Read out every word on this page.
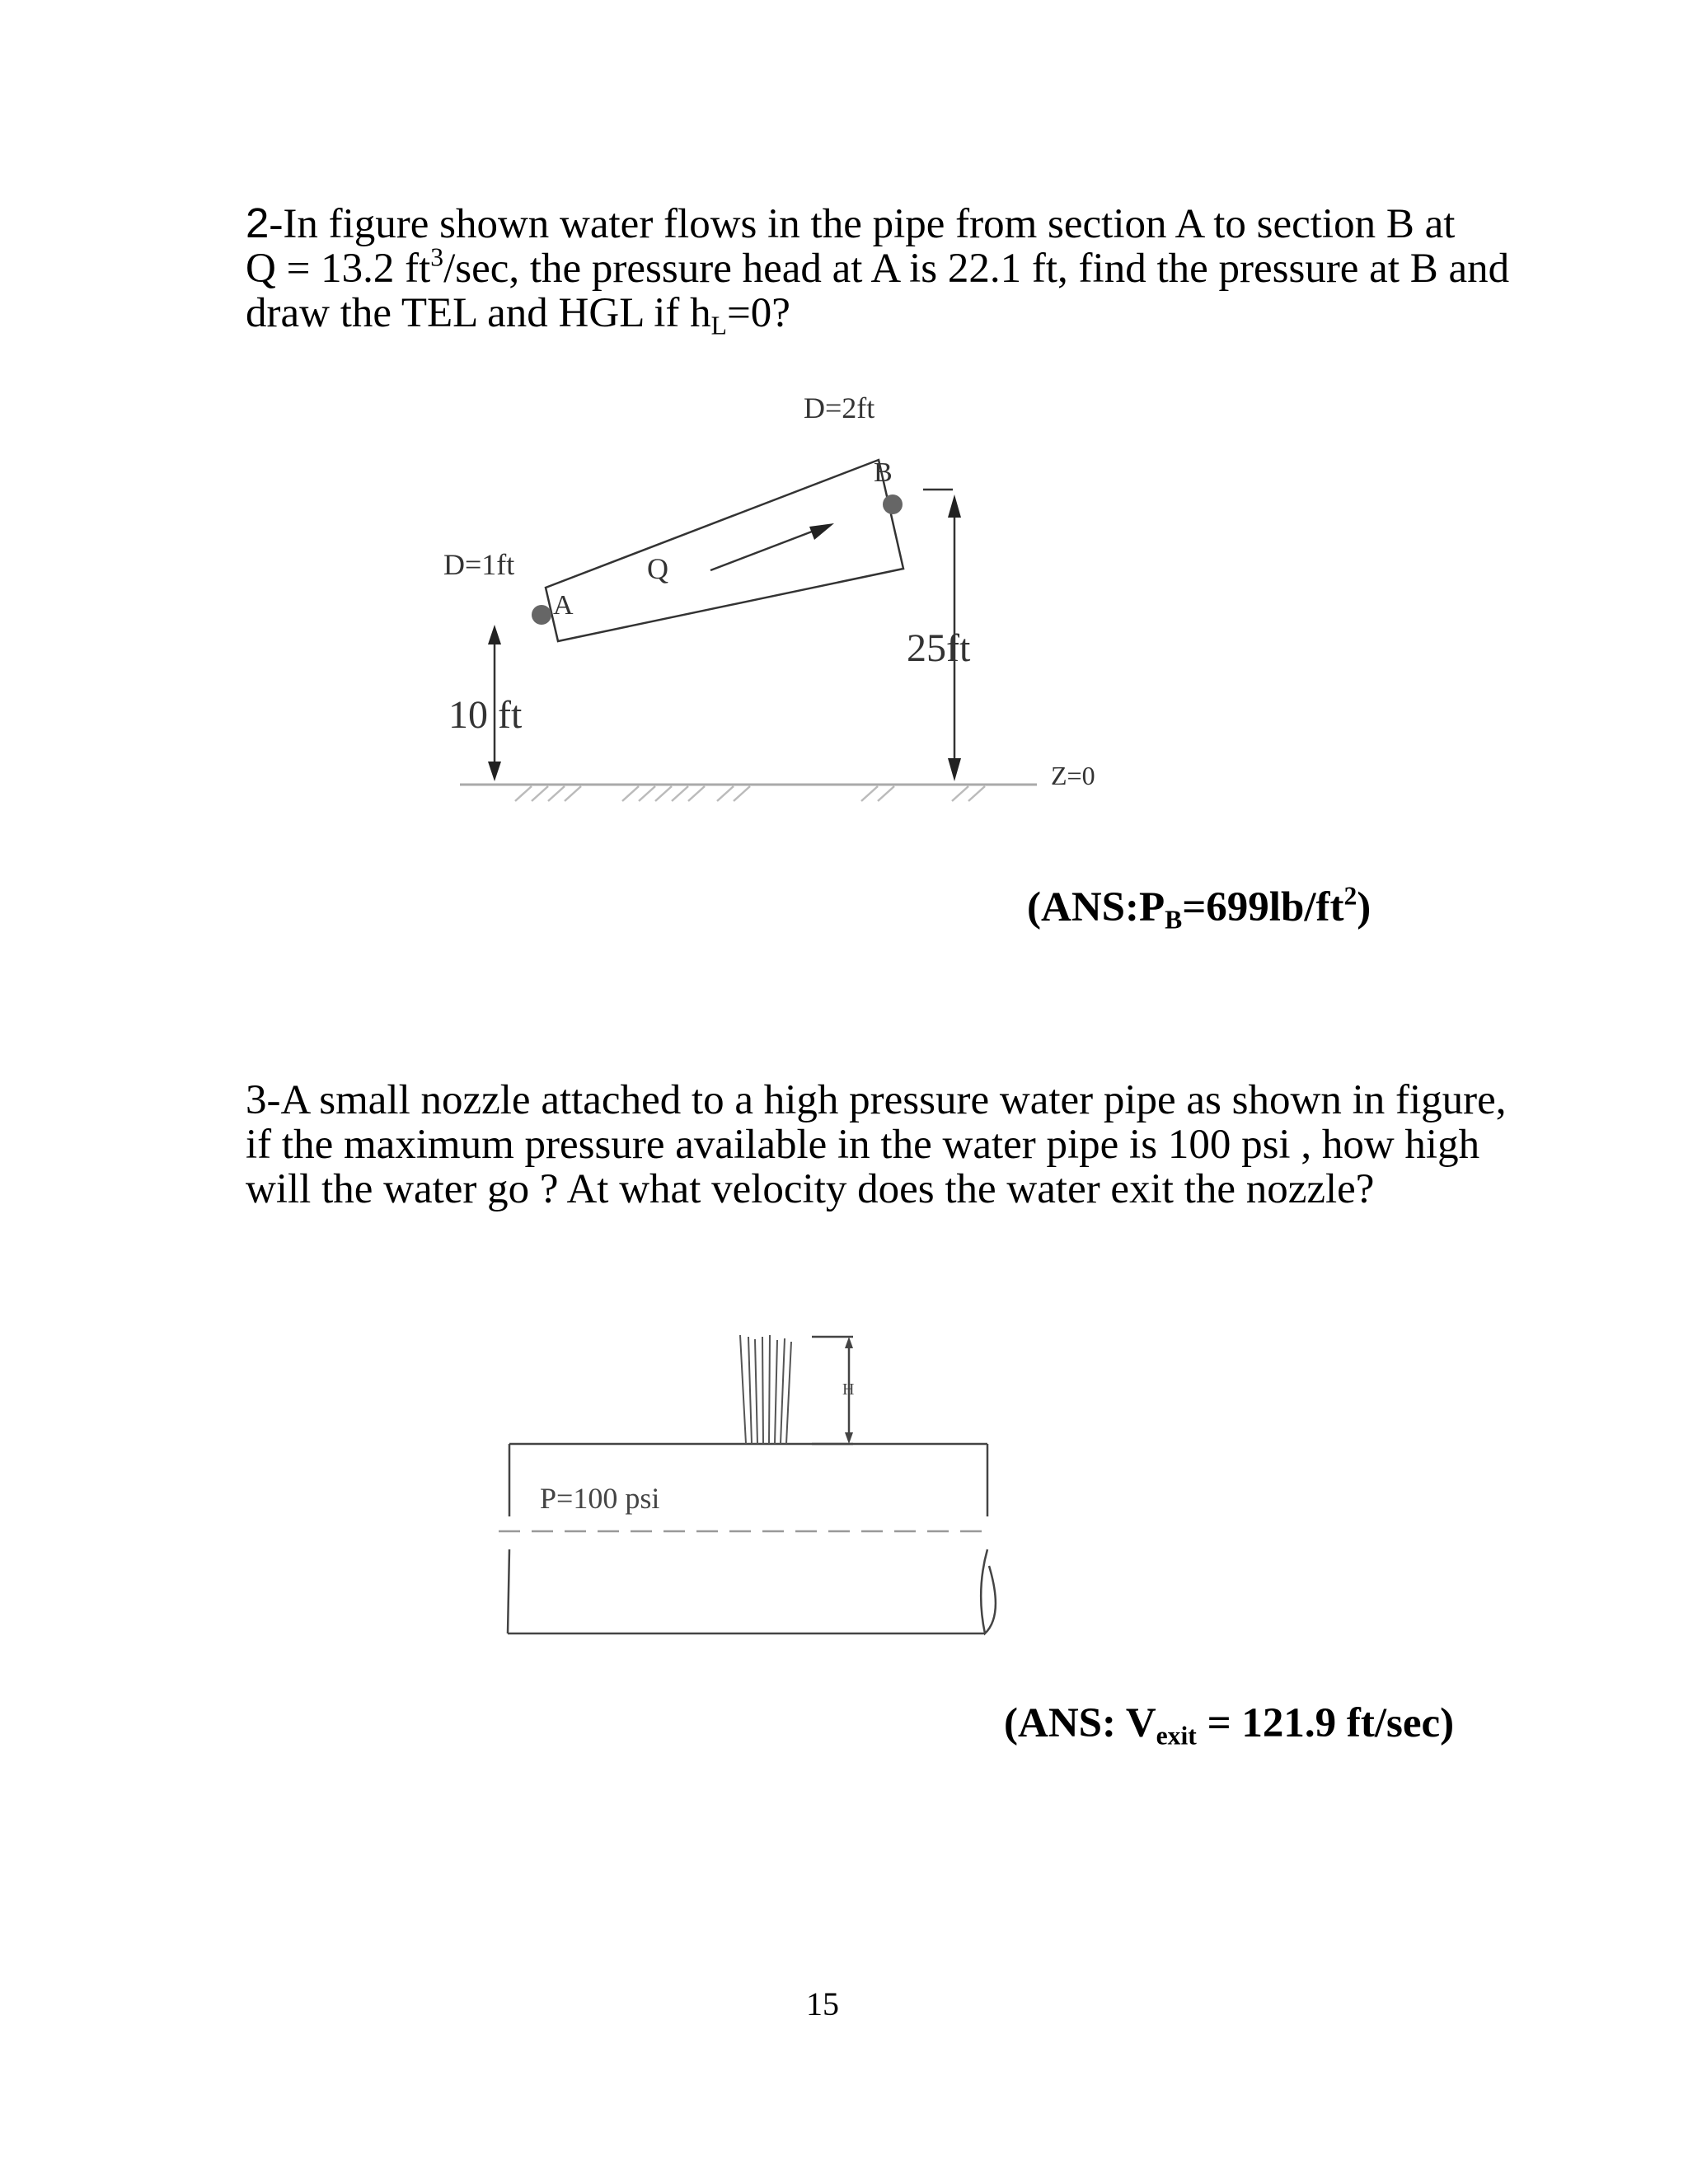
2-In figure shown water flows in the pipe from section A to section B at
Q = 13.2 $ft^3/\sec$, the pressure head at A is 22.1 ft, find the pressure at B and
draw the TEL and HGL if hL=0?
D=2ft
B
D=1ft	Q
A
25ft
10 ft
Z=0
$(ANS:PB=699lb/ft^2)$
3-A small nozzle attached to a high pressure water pipe as shown in figure,
if the maximum pressure available in the water pipe is 100 psi , how high
will the water go ? At what velocity does the water exit the nozzle?
H
P=100 psi
(ANS: Vexit = 121.9 ft/sec)
15
